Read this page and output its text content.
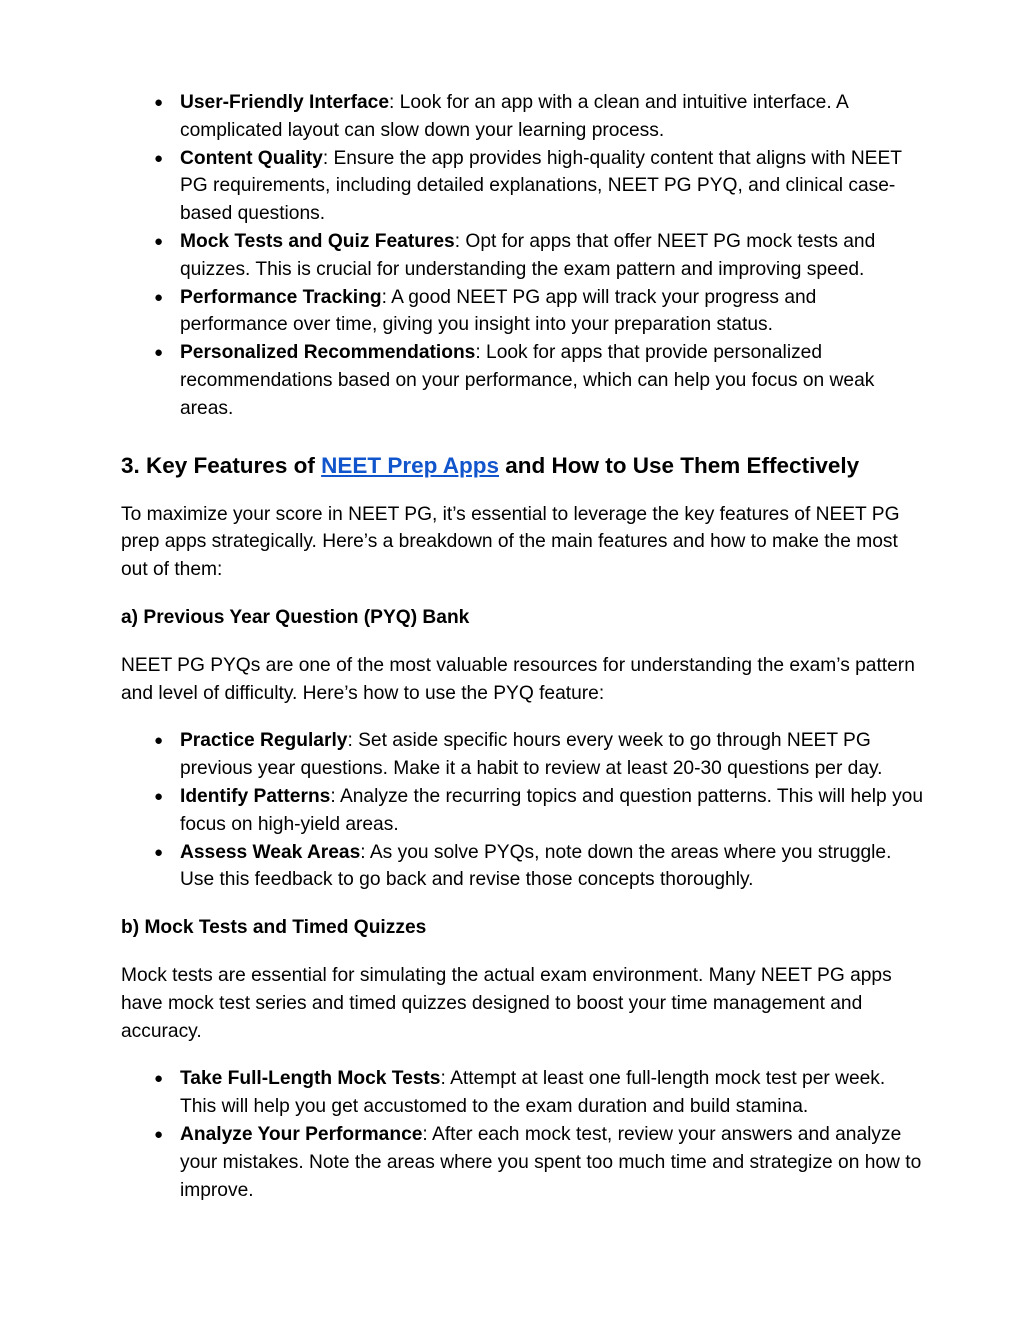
● User-Friendly Interface: Look for an app with a clean and intuitive interface. A complicated layout can slow down your learning process.
● Content Quality: Ensure the app provides high-quality content that aligns with NEET PG requirements, including detailed explanations, NEET PG PYQ, and clinical case-based questions.
● Mock Tests and Quiz Features: Opt for apps that offer NEET PG mock tests and quizzes. This is crucial for understanding the exam pattern and improving speed.
● Performance Tracking: A good NEET PG app will track your progress and performance over time, giving you insight into your preparation status.
● Personalized Recommendations: Look for apps that provide personalized recommendations based on your performance, which can help you focus on weak areas.
3. Key Features of NEET Prep Apps and How to Use Them Effectively

To maximize your score in NEET PG, it’s essential to leverage the key features of NEET PG prep apps strategically. Here’s a breakdown of the main features and how to make the most out of them:

a) Previous Year Question (PYQ) Bank

NEET PG PYQs are one of the most valuable resources for understanding the exam’s pattern and level of difficulty. Here’s how to use the PYQ feature:

● Practice Regularly: Set aside specific hours every week to go through NEET PG previous year questions. Make it a habit to review at least 20-30 questions per day.
● Identify Patterns: Analyze the recurring topics and question patterns. This will help you focus on high-yield areas.
● Assess Weak Areas: As you solve PYQs, note down the areas where you struggle. Use this feedback to go back and revise those concepts thoroughly.
b) Mock Tests and Timed Quizzes

Mock tests are essential for simulating the actual exam environment. Many NEET PG apps have mock test series and timed quizzes designed to boost your time management and accuracy.

● Take Full-Length Mock Tests: Attempt at least one full-length mock test per week. This will help you get accustomed to the exam duration and build stamina.
● Analyze Your Performance: After each mock test, review your answers and analyze your mistakes. Note the areas where you spent too much time and strategize on how to improve.
